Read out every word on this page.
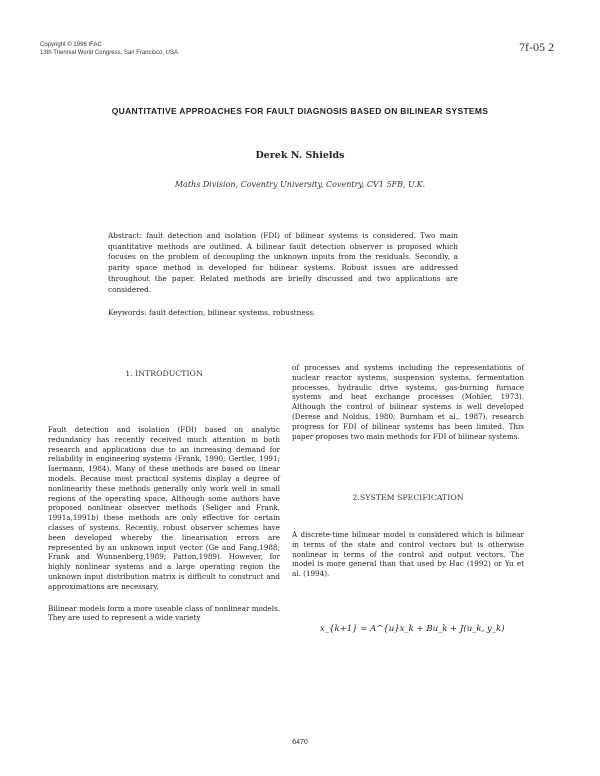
Copyright © 1996 IFAC
13th Triennial World Congress, San Francisco, USA	7f-05 2
QUANTITATIVE APPROACHES FOR FAULT DIAGNOSIS BASED ON BILINEAR SYSTEMS
Derek N. Shields
Maths Division, Coventry University, Coventry, CV1 5FB, U.K.
Abstract: fault detection and isolation (FDI) of bilinear systems is considered. Two main quantitative methods are outlined. A bilinear fault detection observer is proposed which focuses on the problem of decoupling the unknown inputs from the residuals. Secondly, a parity space method is developed for bilinear systems. Robust issues are addressed throughout the paper. Related methods are briefly discussed and two applications are considered.
Keywords: fault detection, bilinear systems, robustness.
1. INTRODUCTION

Fault detection and isolation (FDI) based on analytic redundancy has recently received much attention in both research and applications due to an increasing demand for reliability in engineering systems (Frank, 1990; Gertler, 1991; Isermann, 1984). Many of these methods are based on linear models. Because most practical systems display a degree of nonlinearity these methods generally only work well in small regions of the operating space. Although some authors have proposed nonlinear observer methods (Seliger and Frank, 1991a,1991b) these methods are only effective for certain classes of systems. Recently, robust observer schemes have been developed whereby the linearisation errors are represented by an unknown input vector (Ge and Fang,1988; Frank and Wunnenberg,1989; Patton,1989). However, for highly nonlinear systems and a large operating region the unknown input distribution matrix is difficult to construct and approximations are necessary.

Bilinear models form a more useable class of nonlinear models. They are used to represent a wide variety

of processes and systems including the representations of nuclear reactor systems, suspension systems, fermentation processes, hydraulic drive systems, gas-burning furnace systems and heat exchange processes (Mohler, 1973). Although the control of bilinear systems is well developed (Derese and Noldus, 1980; Burnham et al., 1987), research progress for FDI of bilinear systems has been limited. This paper proposes two main methods for FDI of bilinear systems.

2.SYSTEM SPECIFICATION

A discrete-time bilinear model is considered which is bilinear in terms of the state and control vectors but is otherwise nonlinear in terms of the control and output vectors. The model is more general than that used by Hac (1992) or Yu et al. (1994).

x_{k+1} = A^{u}x_k + Bu_k + J(u_k, y_k)
6470
